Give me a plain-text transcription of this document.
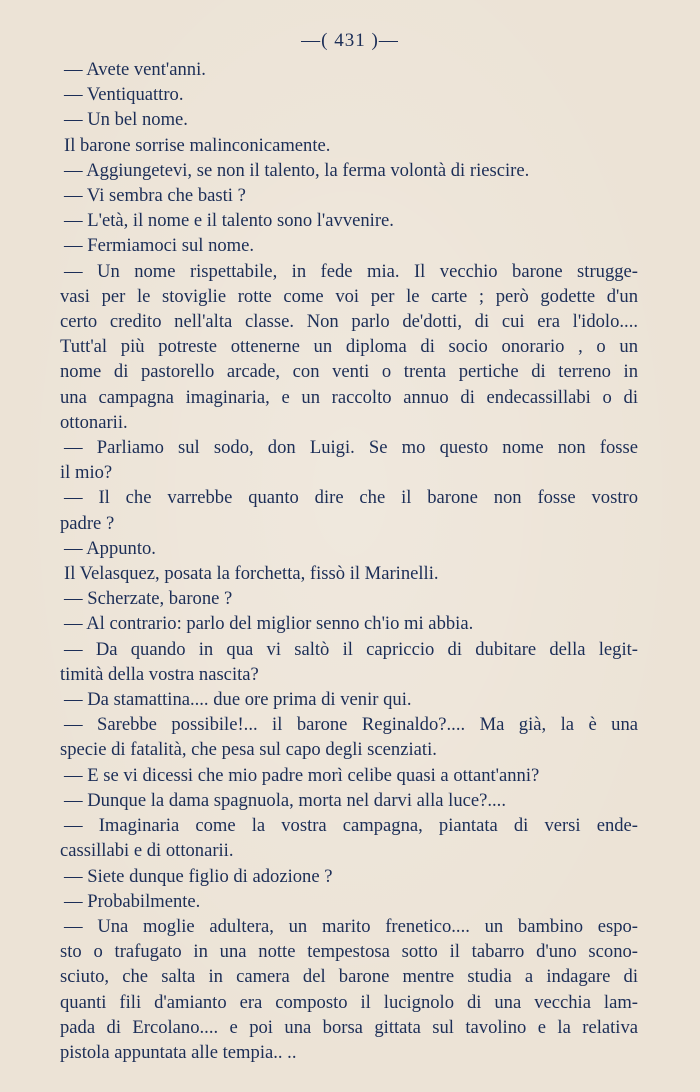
—( 431 )—

— Avete vent'anni.

— Ventiquattro.

— Un bel nome.

Il barone sorrise malinconicamente.

— Aggiungetevi, se non il talento, la ferma volontà di riescire.

— Vi sembra che basti ?

— L'età, il nome e il talento sono l'avvenire.

— Fermiamoci sul nome.

— Un nome rispettabile, in fede mia. Il vecchio barone strugge-
vasi per le stoviglie rotte come voi per le carte ; però godette d'un
certo credito nell'alta classe. Non parlo de'dotti, di cui era l'idolo....
Tutt'al più potreste ottenerne un diploma di socio onorario , o un
nome di pastorello arcade, con venti o trenta pertiche di terreno in
una campagna imaginaria, e un raccolto annuo di endecassillabi o di
ottonarii.

— Parliamo sul sodo, don Luigi. Se mo questo nome non fosse
il mio?

— Il che varrebbe quanto dire che il barone non fosse vostro
padre ?

— Appunto.

Il Velasquez, posata la forchetta, fissò il Marinelli.

— Scherzate, barone ?

— Al contrario: parlo del miglior senno ch'io mi abbia.

— Da quando in qua vi saltò il capriccio di dubitare della legit-
timità della vostra nascita?

— Da stamattina.... due ore prima di venir qui.

— Sarebbe possibile!... il barone Reginaldo?.... Ma già, la è una
specie di fatalità, che pesa sul capo degli scenziati.

— E se vi dicessi che mio padre morì celibe quasi a ottant'anni?

— Dunque la dama spagnuola, morta nel darvi alla luce?....

— Imaginaria come la vostra campagna, piantata di versi ende-
cassillabi e di ottonarii.

— Siete dunque figlio di adozione ?

— Probabilmente.

— Una moglie adultera, un marito frenetico.... un bambino espo-
sto o trafugato in una notte tempestosa sotto il tabarro d'uno scono-
sciuto, che salta in camera del barone mentre studia a indagare di
quanti fili d'amianto era composto il lucignolo di una vecchia lam-
pada di Ercolano.... e poi una borsa gittata sul tavolino e la relativa
pistola appuntata alle tempia.. ..
